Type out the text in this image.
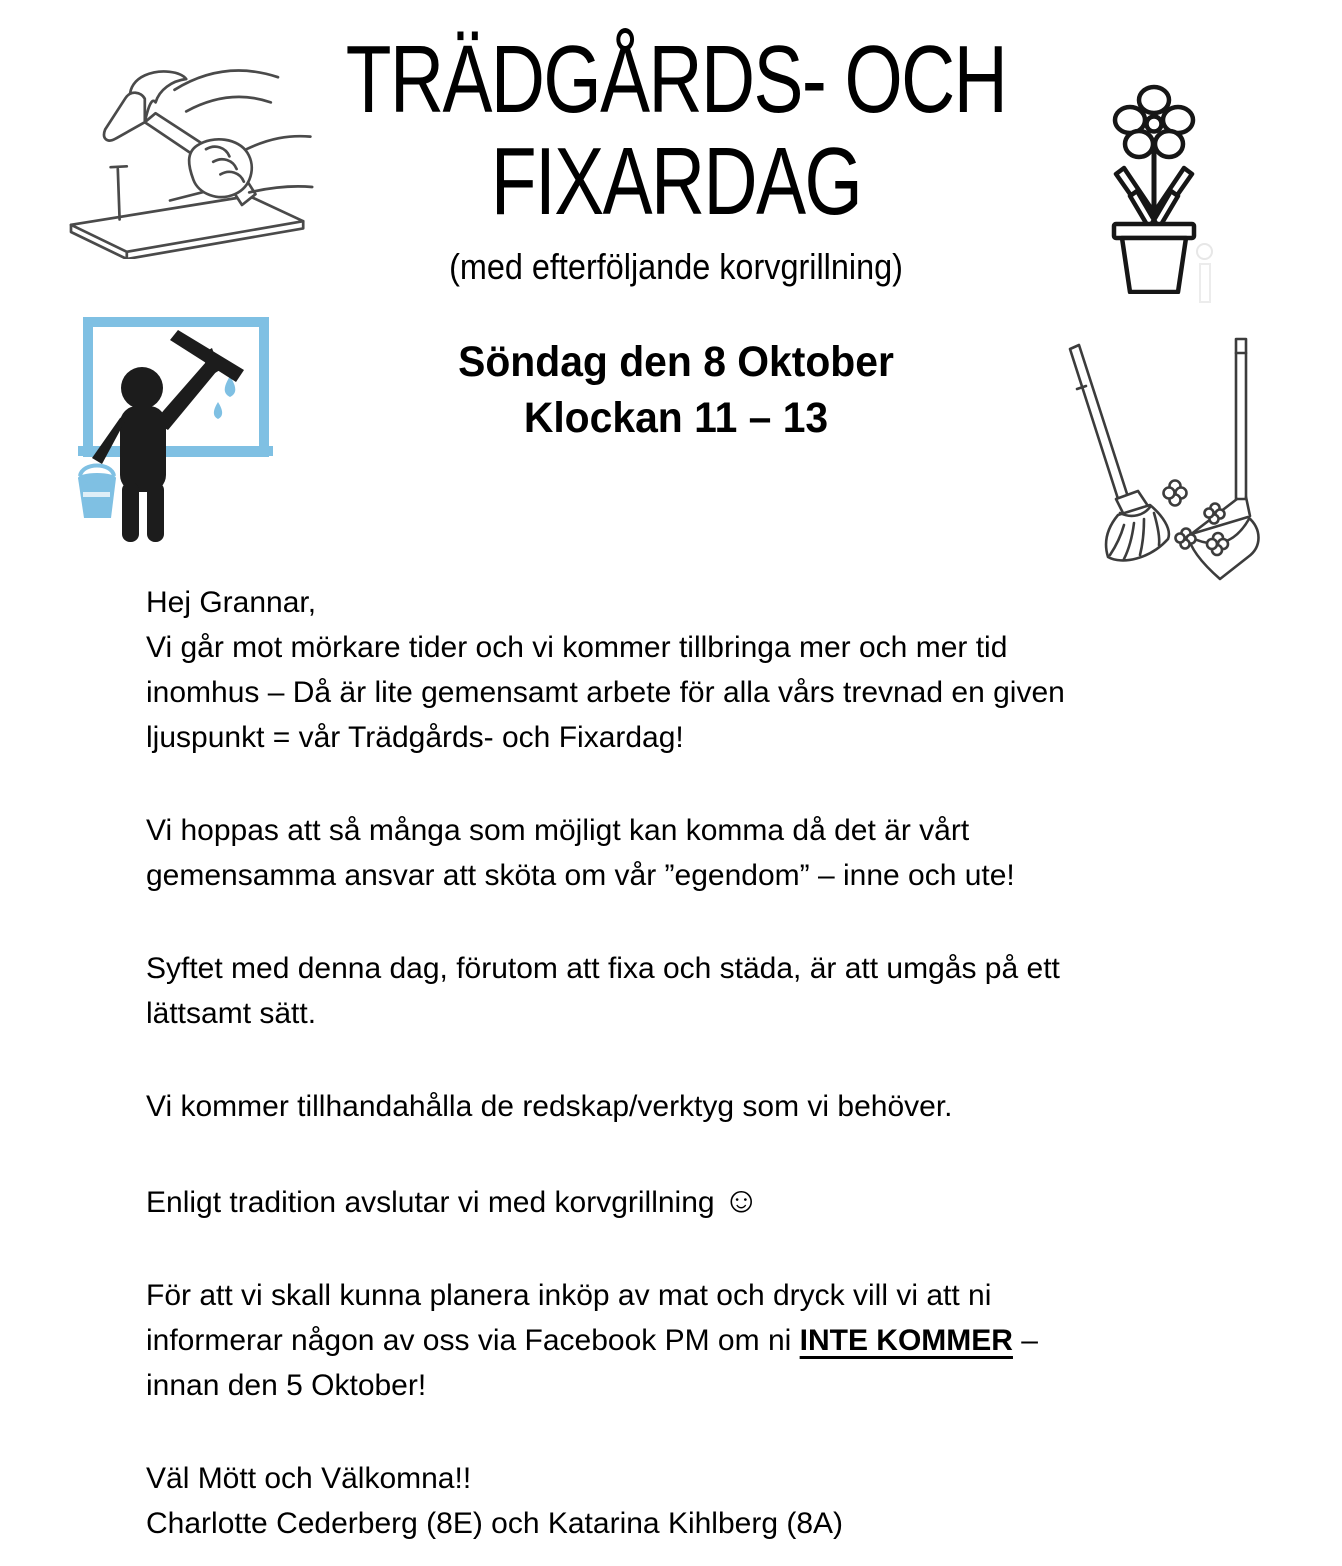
TRÄDGÅRDS- OCH
FIXARDAG
(med efterföljande korvgrillning)
Söndag den 8 Oktober
Klockan 11 – 13

Hej Grannar,
Vi går mot mörkare tider och vi kommer tillbringa mer och mer tid
inomhus – Då är lite gemensamt arbete för alla vårs trevnad en given
ljuspunkt = vår Trädgårds- och Fixardag!

Vi hoppas att så många som möjligt kan komma då det är vårt
gemensamma ansvar att sköta om vår ”egendom” – inne och ute!

Syftet med denna dag, förutom att fixa och städa, är att umgås på ett
lättsamt sätt.

Vi kommer tillhandahålla de redskap/verktyg som vi behöver.

Enligt tradition avslutar vi med korvgrillning ☺

För att vi skall kunna planera inköp av mat och dryck vill vi att ni
informerar någon av oss via Facebook PM om ni INTE KOMMER –
innan den 5 Oktober!

Väl Mött och Välkomna!!
Charlotte Cederberg (8E) och Katarina Kihlberg (8A)
